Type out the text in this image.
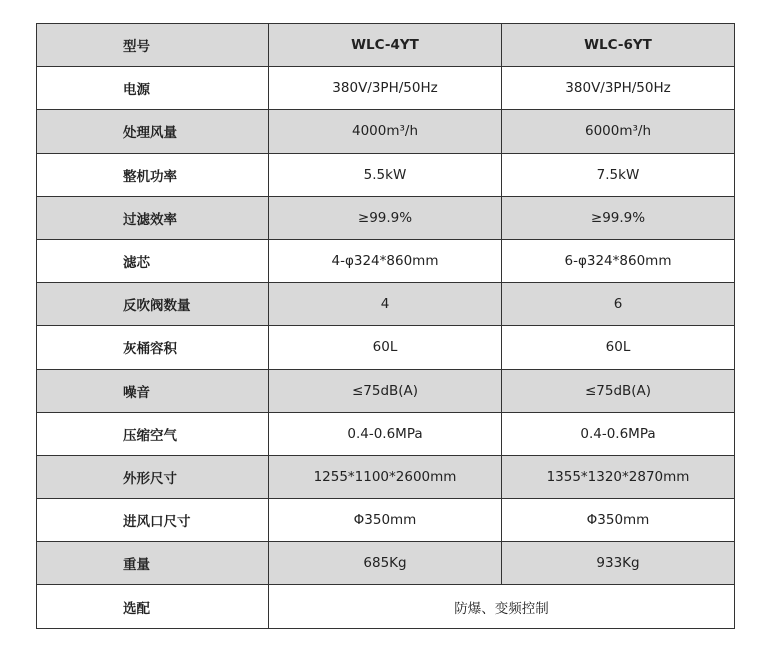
型号	WLC-4YT	WLC-6YT
电源	380V/3PH/50Hz	380V/3PH/50Hz
处理风量	4000m³/h	6000m³/h
整机功率	5.5kW	7.5kW
过滤效率	≥99.9%	≥99.9%
滤芯	4-φ324*860mm	6-φ324*860mm
反吹阀数量	4	6
灰桶容积	60L	60L
噪音	≤75dB(A)	≤75dB(A)
压缩空气	0.4-0.6MPa	0.4-0.6MPa
外形尺寸	1255*1100*2600mm	1355*1320*2870mm
进风口尺寸	Φ350mm	Φ350mm
重量	685Kg	933Kg
选配	防爆、变频控制	
